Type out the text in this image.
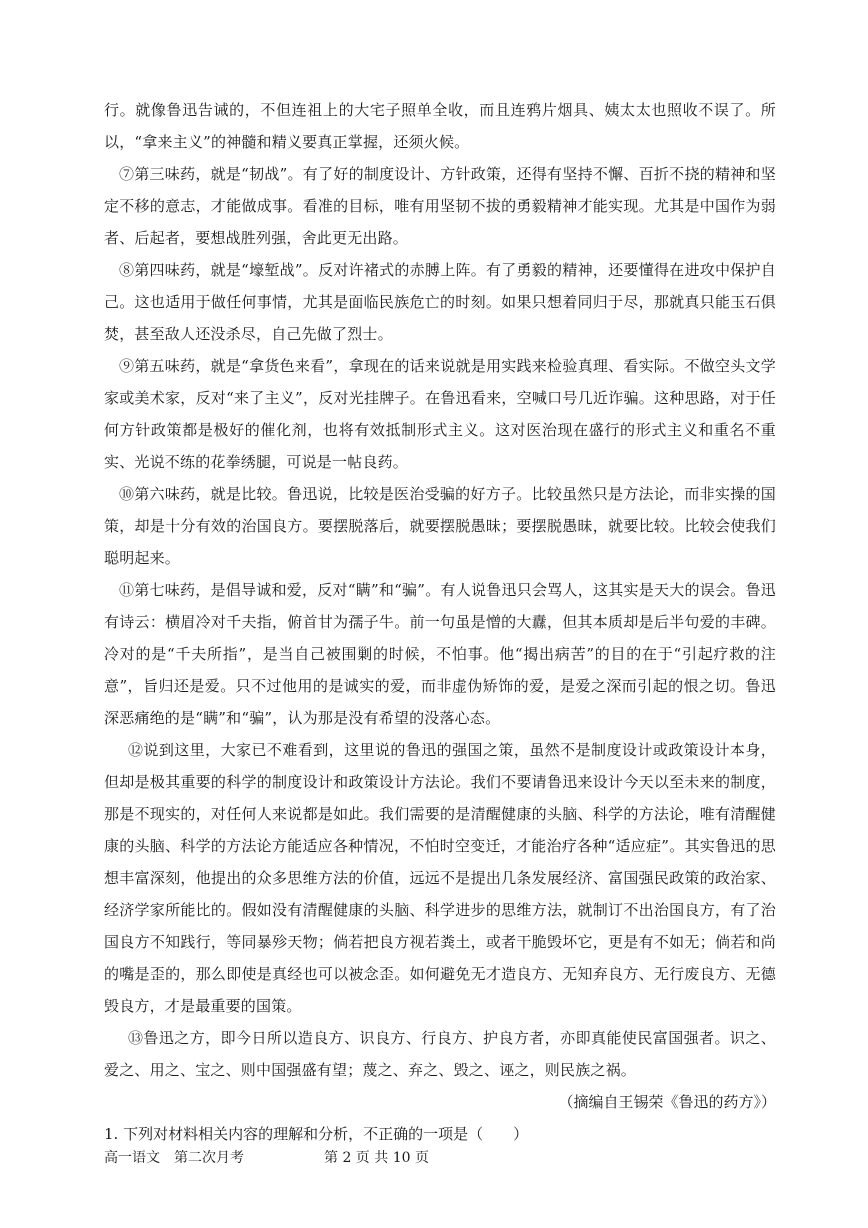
行。就像鲁迅告诫的，不但连祖上的大宅子照单全收，而且连鸦片烟具、姨太太也照收不误了。所以，“拿来主义”的神髓和精义要真正掌握，还须火候。

⑦第三味药，就是“韧战”。有了好的制度设计、方针政策，还得有坚持不懈、百折不挠的精神和坚定不移的意志，才能做成事。看准的目标，唯有用坚韧不拔的勇毅精神才能实现。尤其是中国作为弱者、后起者，要想战胜列强，舍此更无出路。

⑧第四味药，就是“壕堑战”。反对许褚式的赤膊上阵。有了勇毅的精神，还要懂得在进攻中保护自己。这也适用于做任何事情，尤其是面临民族危亡的时刻。如果只想着同归于尽，那就真只能玉石俱焚，甚至敌人还没杀尽，自己先做了烈士。

⑨第五味药，就是“拿货色来看”，拿现在的话来说就是用实践来检验真理、看实际。不做空头文学家或美术家，反对“来了主义”，反对光挂牌子。在鲁迅看来，空喊口号几近诈骗。这种思路，对于任何方针政策都是极好的催化剂，也将有效抵制形式主义。这对医治现在盛行的形式主义和重名不重实、光说不练的花拳绣腿，可说是一帖良药。

⑩第六味药，就是比较。鲁迅说，比较是医治受骗的好方子。比较虽然只是方法论，而非实操的国策，却是十分有效的治国良方。要摆脱落后，就要摆脱愚昧；要摆脱愚昧，就要比较。比较会使我们聪明起来。

⑪第七味药，是倡导诚和爱，反对“瞒”和“骗”。有人说鲁迅只会骂人，这其实是天大的误会。鲁迅有诗云：横眉冷对千夫指，俯首甘为孺子牛。前一句虽是憎的大纛，但其本质却是后半句爱的丰碑。冷对的是“千夫所指”，是当自己被围剿的时候，不怕事。他“揭出病苦”的目的在于“引起疗救的注意”，旨归还是爱。只不过他用的是诚实的爱，而非虚伪矫饰的爱，是爱之深而引起的恨之切。鲁迅深恶痛绝的是“瞒”和“骗”，认为那是没有希望的没落心态。

⑫说到这里，大家已不难看到，这里说的鲁迅的强国之策，虽然不是制度设计或政策设计本身，但却是极其重要的科学的制度设计和政策设计方法论。我们不要请鲁迅来设计今天以至未来的制度，那是不现实的，对任何人来说都是如此。我们需要的是清醒健康的头脑、科学的方法论，唯有清醒健康的头脑、科学的方法论方能适应各种情况，不怕时空变迁，才能治疗各种“适应症”。其实鲁迅的思想丰富深刻，他提出的众多思维方法的价值，远远不是提出几条发展经济、富国强民政策的政治家、经济学家所能比的。假如没有清醒健康的头脑、科学进步的思维方法，就制订不出治国良方，有了治国良方不知践行，等同暴殄天物；倘若把良方视若粪土，或者干脆毁坏它，更是有不如无；倘若和尚的嘴是歪的，那么即使是真经也可以被念歪。如何避免无才造良方、无知弃良方、无行废良方、无德毁良方，才是最重要的国策。

⑬鲁迅之方，即今日所以造良方、识良方、行良方、护良方者，亦即真能使民富国强者。识之、爱之、用之、宝之、则中国强盛有望；蔑之、弃之、毁之、诬之，则民族之祸。

（摘编自王锡荣《鲁迅的药方》）

1. 下列对材料相关内容的理解和分析，不正确的一项是（　　）

高一语文　第二次月考	第 2 页 共 10 页
